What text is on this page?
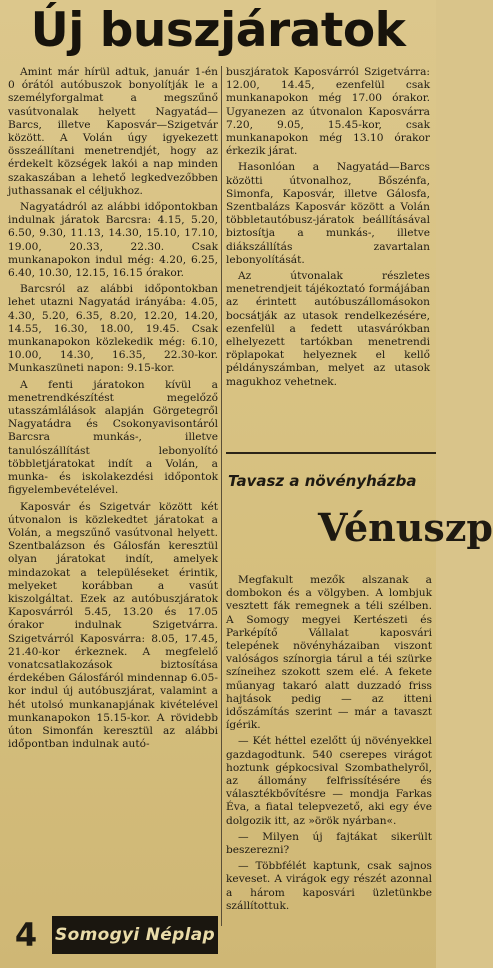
Új buszjáratok

Amint már hírül adtuk, január 1-én 0 órától autóbuszok bonyolítják le a személyforgalmat a megszűnő vasútvonalak helyett Nagyatád—Barcs, illetve Kaposvár—Szigetvár között. A Volán úgy igyekezett összeállítani menetrendjét, hogy az érdekelt községek lakói a nap minden szakaszában a lehető legkedvezőbben juthassanak el céljukhoz.

Nagyatádról az alábbi időpontokban indulnak járatok Barcsra: 4.15, 5.20, 6.50, 9.30, 11.13, 14.30, 15.10, 17.10, 19.00, 20.33, 22.30. Csak munkanapokon indul még: 4.20, 6.25, 6.40, 10.30, 12.15, 16.15 órakor.

Barcsról az alábbi időpontokban lehet utazni Nagyatád irányába: 4.05, 4.30, 5.20, 6.35, 8.20, 12.20, 14.20, 14.55, 16.30, 18.00, 19.45. Csak munkanapokon közlekedik még: 6.10, 10.00, 14.30, 16.35, 22.30-kor. Munkaszüneti napon: 9.15-kor.

A fenti járatokon kívül a menetrendkészítést megelőző utasszámlálások alapján Görgetegről Nagyatádra és Csokonyavisontáról Barcsra munkás-, illetve tanulószállítást lebonyolító többletjáratokat indít a Volán, a munka- és iskolakezdési időpontok figyelembevételével.

Kaposvár és Szigetvár között két útvonalon is közlekedtet járatokat a Volán, a megszűnő vasútvonal helyett. Szentbalázson és Gálosfán keresztül olyan járatokat indít, amelyek mindazokat a településeket érintik, melyeket korábban a vasút kiszolgáltat. Ezek az autóbuszjáratok Kaposvárról 5.45, 13.20 és 17.05 órakor indulnak Szigetvárra. Szigetvárról Kaposvárra: 8.05, 17.45, 21.40-kor érkeznek. A megfelelő vonatcsatlakozások biztosítása érdekében Gálosfáról mindennap 6.05-kor indul új autóbuszjárat, valamint a hét utolsó munkanapjának kivételével munkanapokon 15.15-kor. A rövidebb úton Simonfán keresztül az alábbi időpontban indulnak autó-

buszjáratok Kaposvárról Szigetvárra: 12.00, 14.45, ezenfelül csak munkanapokon még 17.00 órakor. Ugyanezen az útvonalon Kaposvárra 7.20, 9.05, 15.45-kor, csak munkanapokon még 13.10 órakor érkezik járat.

Hasonlóan a Nagyatád—Barcs közötti útvonalhoz, Bőszénfa, Simonfa, Kaposvár, illetve Gálosfa, Szentbalázs Kaposvár között a Volán többletautóbusz-járatok beállításával biztosítja a munkás-, illetve diákszállítás zavartalan lebonyolítását.

Az útvonalak részletes menetrendjeit tájékoztató formájában az érintett autóbuszállomásokon bocsátják az utasok rendelkezésére, ezenfelül a fedett utasvárókban elhelyezett tartókban menetrendi röplapokat helyeznek el kellő példányszámban, melyet az utasok magukhoz vehetnek.

Tavasz a növényházba
Vénuszp

Megfakult mezők alszanak a dombokon és a völgyben. A lombjuk vesztett fák remegnek a téli szélben. A Somogy megyei Kertészeti és Parképítő Vállalat kaposvári telepének növényházaiban viszont valóságos színorgia tárul a téi szürke színeihez szokott szem elé. A fekete műanyag takaró alatt duzzadó friss hajtások pedig — az itteni időszámítás szerint — már a tavaszt ígérik.

— Két héttel ezelőtt új növényekkel gazdagodtunk. 540 cserepes virágot hoztunk gépkocsival Szombathelyről, az állomány felfrissítésére és választékbővítésre — mondja Farkas Éva, a fiatal telepvezető, aki egy éve dolgozik itt, az »örök nyárban«.

— Milyen új fajtákat sikerült beszerezni?

— Többfélét kaptunk, csak sajnos keveset. A virágok egy részét azonnal a három kaposvári üzletünkbe szállítottuk.

4	Somogyi Néplap
